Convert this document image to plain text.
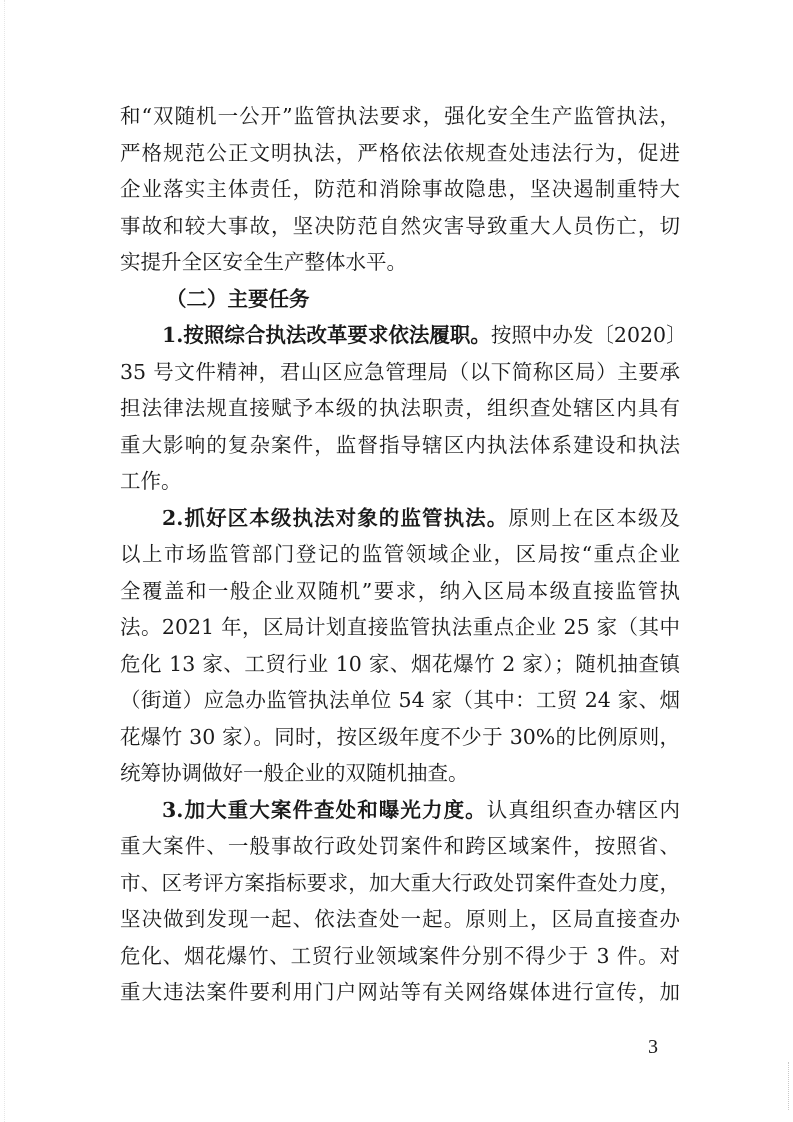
和“双随机一公开”监管执法要求，强化安全生产监管执法，
严格规范公正文明执法，严格依法依规查处违法行为，促进
企业落实主体责任，防范和消除事故隐患，坚决遏制重特大
事故和较大事故，坚决防范自然灾害导致重大人员伤亡，切
实提升全区安全生产整体水平。
（二）主要任务
1.按照综合执法改革要求依法履职。按照中办发〔2020〕
35 号文件精神，君山区应急管理局（以下简称区局）主要承
担法律法规直接赋予本级的执法职责，组织查处辖区内具有
重大影响的复杂案件，监督指导辖区内执法体系建设和执法
工作。
2.抓好区本级执法对象的监管执法。原则上在区本级及
以上市场监管部门登记的监管领域企业，区局按“重点企业
全覆盖和一般企业双随机”要求，纳入区局本级直接监管执
法。2021 年，区局计划直接监管执法重点企业 25 家（其中
危化 13 家、工贸行业 10 家、烟花爆竹 2 家）；随机抽查镇
（街道）应急办监管执法单位 54 家（其中：工贸 24 家、烟
花爆竹 30 家）。同时，按区级年度不少于 30%的比例原则，
统筹协调做好一般企业的双随机抽查。
3.加大重大案件查处和曝光力度。认真组织查办辖区内
重大案件、一般事故行政处罚案件和跨区域案件，按照省、
市、区考评方案指标要求，加大重大行政处罚案件查处力度，
坚决做到发现一起、依法查处一起。原则上，区局直接查办
危化、烟花爆竹、工贸行业领域案件分别不得少于 3 件。对
重大违法案件要利用门户网站等有关网络媒体进行宣传，加
3
